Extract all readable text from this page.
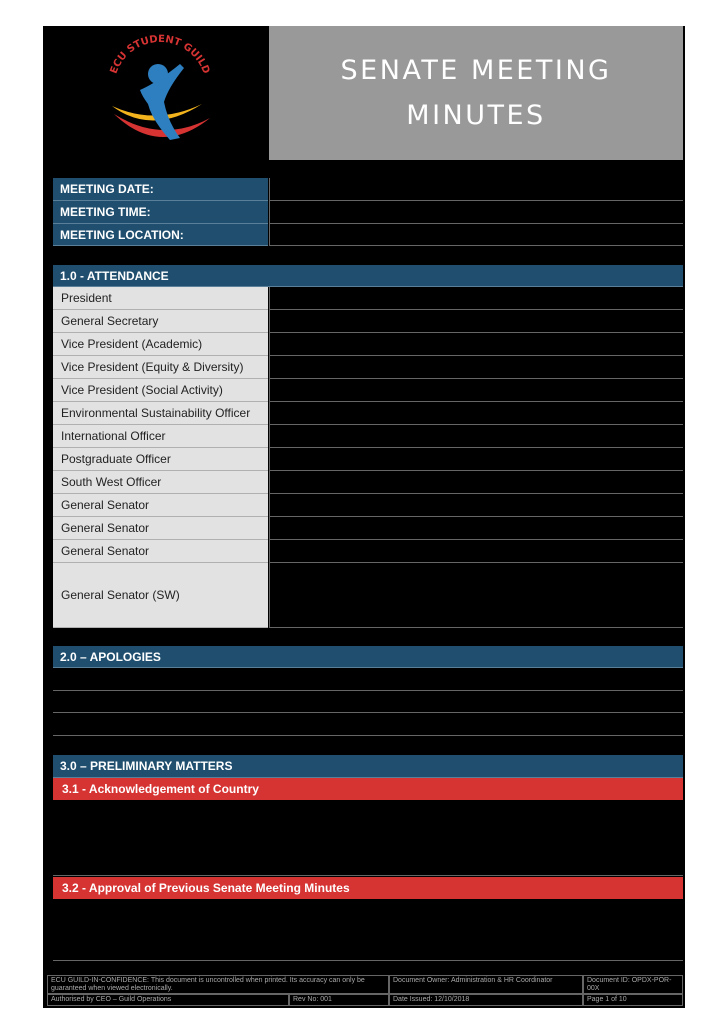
ECU STUDENT GUILD	SENATE MEETING MINUTES
MEETING DATE:
MEETING TIME:
MEETING LOCATION:
1.0 - ATTENDANCE
President
General Secretary
Vice President (Academic)
Vice President (Equity & Diversity)
Vice President (Social Activity)
Environmental Sustainability Officer
International Officer
Postgraduate Officer
South West Officer
General Senator
General Senator
General Senator
General Senator (SW)
2.0 – APOLOGIES
3.0 – PRELIMINARY MATTERS
3.1 - Acknowledgement of Country
3.2 - Approval of Previous Senate Meeting Minutes
ECU GUILD-IN-CONFIDENCE: This document is uncontrolled when printed. Its accuracy can only be guaranteed when viewed electronically.
Document Owner: Administration & HR Coordinator	Document ID: OPDX-POR-00X
Authorised by CEO – Guild Operations	Rev No: 001	Date Issued: 12/10/2018	Page 1 of 10
